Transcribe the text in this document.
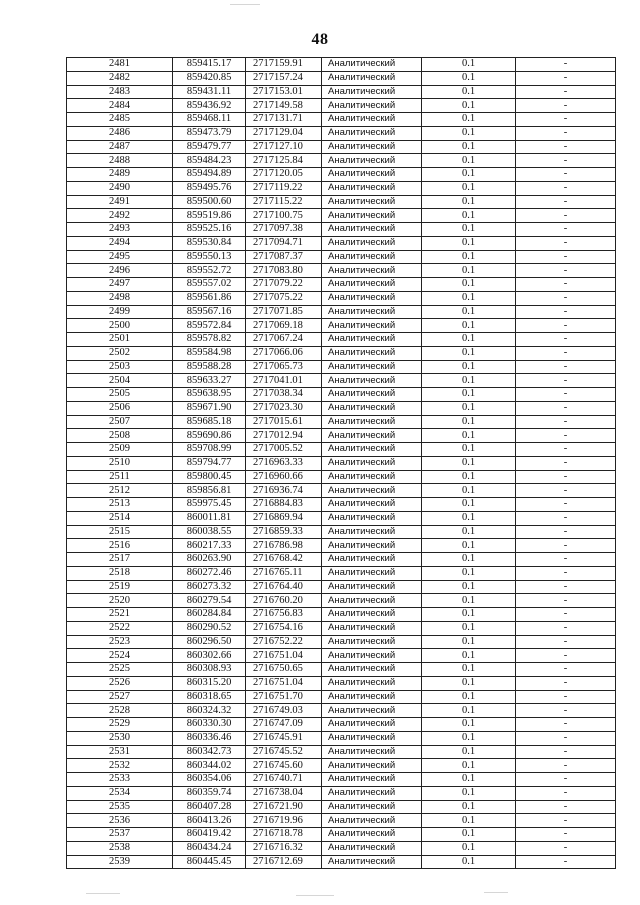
48
2481	859415.17	2717159.91	Аналитический	0.1	-
2482	859420.85	2717157.24	Аналитический	0.1	-
2483	859431.11	2717153.01	Аналитический	0.1	-
2484	859436.92	2717149.58	Аналитический	0.1	-
2485	859468.11	2717131.71	Аналитический	0.1	-
2486	859473.79	2717129.04	Аналитический	0.1	-
2487	859479.77	2717127.10	Аналитический	0.1	-
2488	859484.23	2717125.84	Аналитический	0.1	-
2489	859494.89	2717120.05	Аналитический	0.1	-
2490	859495.76	2717119.22	Аналитический	0.1	-
2491	859500.60	2717115.22	Аналитический	0.1	-
2492	859519.86	2717100.75	Аналитический	0.1	-
2493	859525.16	2717097.38	Аналитический	0.1	-
2494	859530.84	2717094.71	Аналитический	0.1	-
2495	859550.13	2717087.37	Аналитический	0.1	-
2496	859552.72	2717083.80	Аналитический	0.1	-
2497	859557.02	2717079.22	Аналитический	0.1	-
2498	859561.86	2717075.22	Аналитический	0.1	-
2499	859567.16	2717071.85	Аналитический	0.1	-
2500	859572.84	2717069.18	Аналитический	0.1	-
2501	859578.82	2717067.24	Аналитический	0.1	-
2502	859584.98	2717066.06	Аналитический	0.1	-
2503	859588.28	2717065.73	Аналитический	0.1	-
2504	859633.27	2717041.01	Аналитический	0.1	-
2505	859638.95	2717038.34	Аналитический	0.1	-
2506	859671.90	2717023.30	Аналитический	0.1	-
2507	859685.18	2717015.61	Аналитический	0.1	-
2508	859690.86	2717012.94	Аналитический	0.1	-
2509	859708.99	2717005.52	Аналитический	0.1	-
2510	859794.77	2716963.33	Аналитический	0.1	-
2511	859800.45	2716960.66	Аналитический	0.1	-
2512	859856.81	2716936.74	Аналитический	0.1	-
2513	859975.45	2716884.83	Аналитический	0.1	-
2514	860011.81	2716869.94	Аналитический	0.1	-
2515	860038.55	2716859.33	Аналитический	0.1	-
2516	860217.33	2716786.98	Аналитический	0.1	-
2517	860263.90	2716768.42	Аналитический	0.1	-
2518	860272.46	2716765.11	Аналитический	0.1	-
2519	860273.32	2716764.40	Аналитический	0.1	-
2520	860279.54	2716760.20	Аналитический	0.1	-
2521	860284.84	2716756.83	Аналитический	0.1	-
2522	860290.52	2716754.16	Аналитический	0.1	-
2523	860296.50	2716752.22	Аналитический	0.1	-
2524	860302.66	2716751.04	Аналитический	0.1	-
2525	860308.93	2716750.65	Аналитический	0.1	-
2526	860315.20	2716751.04	Аналитический	0.1	-
2527	860318.65	2716751.70	Аналитический	0.1	-
2528	860324.32	2716749.03	Аналитический	0.1	-
2529	860330.30	2716747.09	Аналитический	0.1	-
2530	860336.46	2716745.91	Аналитический	0.1	-
2531	860342.73	2716745.52	Аналитический	0.1	-
2532	860344.02	2716745.60	Аналитический	0.1	-
2533	860354.06	2716740.71	Аналитический	0.1	-
2534	860359.74	2716738.04	Аналитический	0.1	-
2535	860407.28	2716721.90	Аналитический	0.1	-
2536	860413.26	2716719.96	Аналитический	0.1	-
2537	860419.42	2716718.78	Аналитический	0.1	-
2538	860434.24	2716716.32	Аналитический	0.1	-
2539	860445.45	2716712.69	Аналитический	0.1	-
